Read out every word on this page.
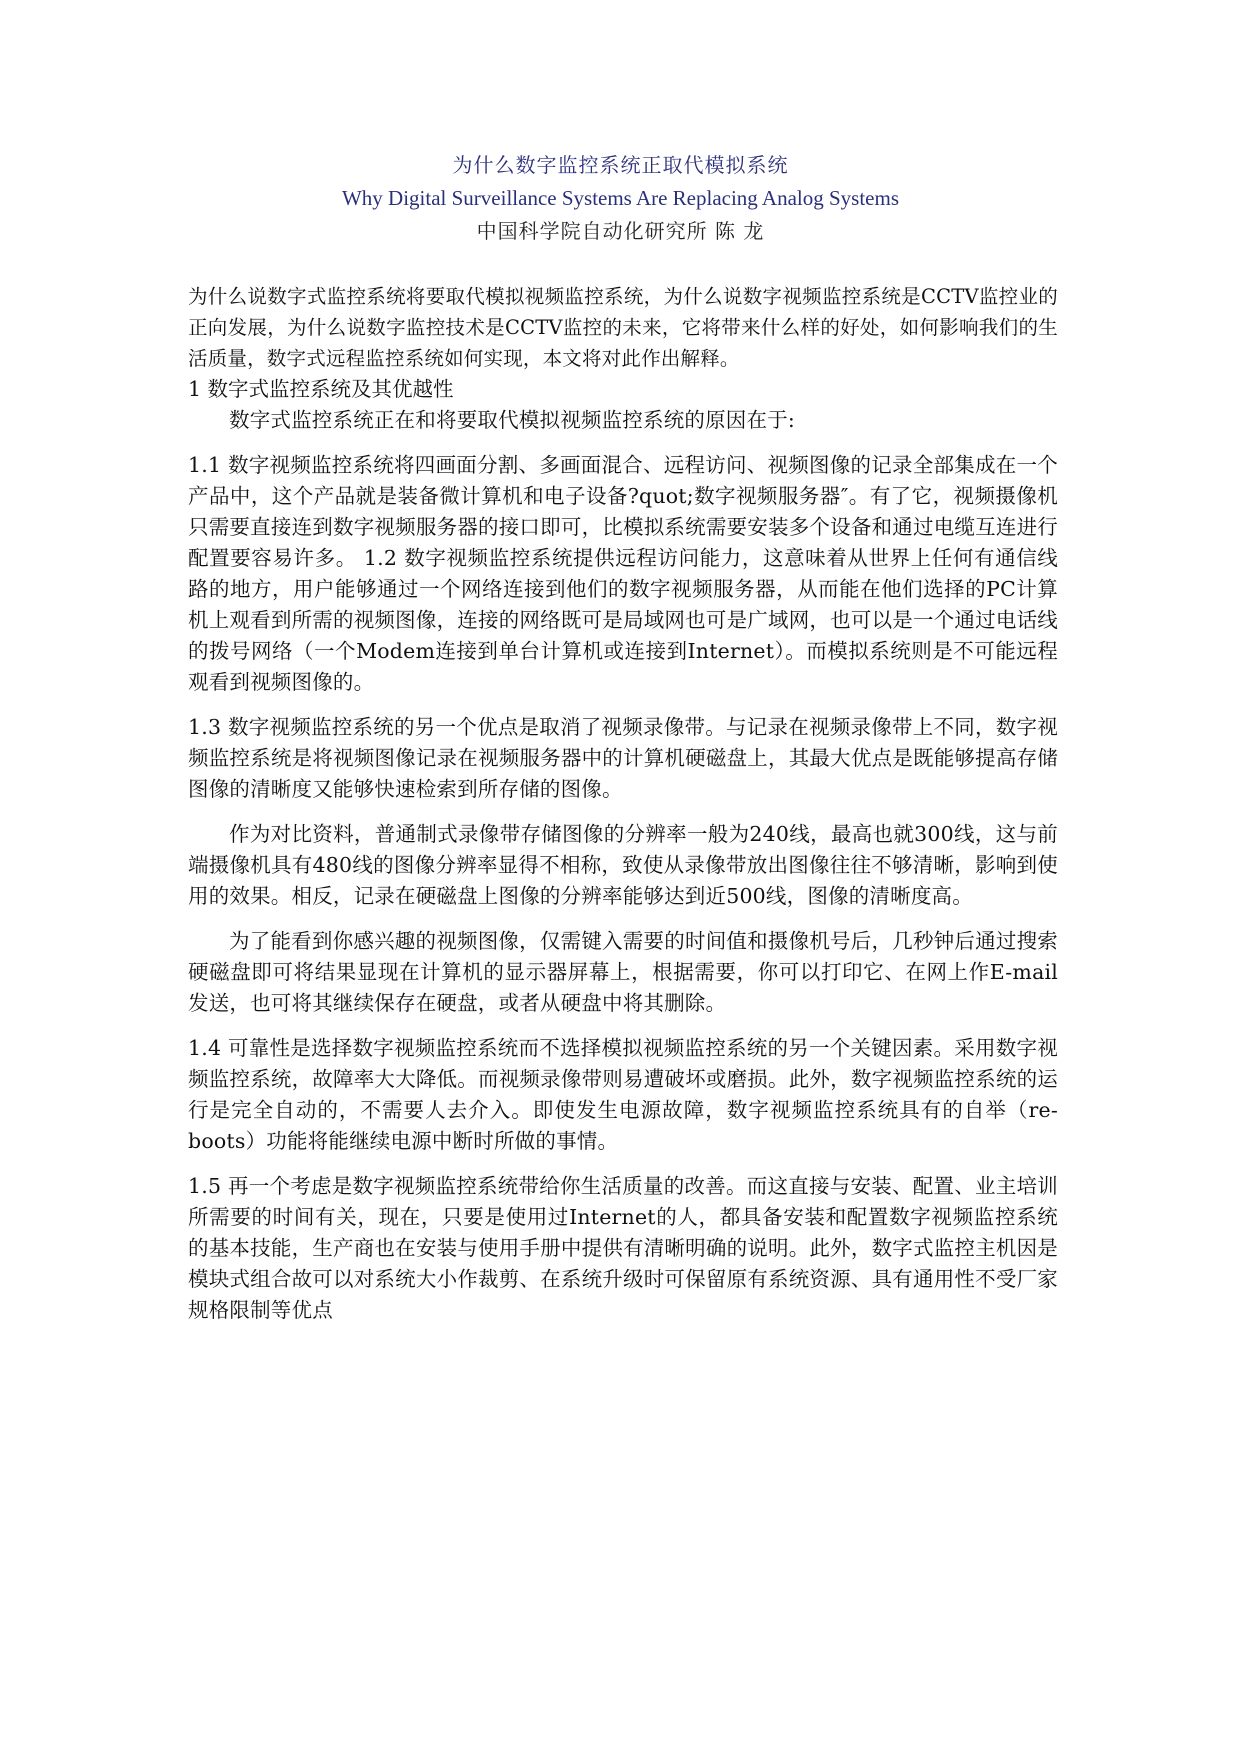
为什么数字监控系统正取代模拟系统
Why Digital Surveillance Systems Are Replacing Analog Systems
中国科学院自动化研究所 陈 龙

为什么说数字式监控系统将要取代模拟视频监控系统，为什么说数字视频监控系统是CCTV监控业的正向发展，为什么说数字监控技术是CCTV监控的未来，它将带来什么样的好处，如何影响我们的生活质量，数字式远程监控系统如何实现，本文将对此作出解释。

1 数字式监控系统及其优越性

数字式监控系统正在和将要取代模拟视频监控系统的原因在于:

1.1 数字视频监控系统将四画面分割、多画面混合、远程访问、视频图像的记录全部集成在一个产品中，这个产品就是装备微计算机和电子设备?quot;数字视频服务器″。有了它，视频摄像机只需要直接连到数字视频服务器的接口即可，比模拟系统需要安装多个设备和通过电缆互连进行配置要容易许多。 1.2 数字视频监控系统提供远程访问能力，这意味着从世界上任何有通信线路的地方，用户能够通过一个网络连接到他们的数字视频服务器，从而能在他们选择的PC计算机上观看到所需的视频图像，连接的网络既可是局域网也可是广域网，也可以是一个通过电话线的拨号网络（一个Modem连接到单台计算机或连接到Internet）。而模拟系统则是不可能远程观看到视频图像的。

1.3 数字视频监控系统的另一个优点是取消了视频录像带。与记录在视频录像带上不同，数字视频监控系统是将视频图像记录在视频服务器中的计算机硬磁盘上，其最大优点是既能够提高存储图像的清晰度又能够快速检索到所存储的图像。

作为对比资料，普通制式录像带存储图像的分辨率一般为240线，最高也就300线，这与前端摄像机具有480线的图像分辨率显得不相称，致使从录像带放出图像往往不够清晰，影响到使用的效果。相反，记录在硬磁盘上图像的分辨率能够达到近500线，图像的清晰度高。

为了能看到你感兴趣的视频图像，仅需键入需要的时间值和摄像机号后，几秒钟后通过搜索硬磁盘即可将结果显现在计算机的显示器屏幕上，根据需要，你可以打印它、在网上作E-mail发送，也可将其继续保存在硬盘，或者从硬盘中将其删除。

1.4 可靠性是选择数字视频监控系统而不选择模拟视频监控系统的另一个关键因素。采用数字视频监控系统，故障率大大降低。而视频录像带则易遭破坏或磨损。此外，数字视频监控系统的运行是完全自动的，不需要人去介入。即使发生电源故障，数字视频监控系统具有的自举（re-boots）功能将能继续电源中断时所做的事情。

1.5 再一个考虑是数字视频监控系统带给你生活质量的改善。而这直接与安装、配置、业主培训所需要的时间有关，现在，只要是使用过Internet的人，都具备安装和配置数字视频监控系统的基本技能，生产商也在安装与使用手册中提供有清晰明确的说明。此外，数字式监控主机因是模块式组合故可以对系统大小作裁剪、在系统升级时可保留原有系统资源、具有通用性不受厂家规格限制等优点
